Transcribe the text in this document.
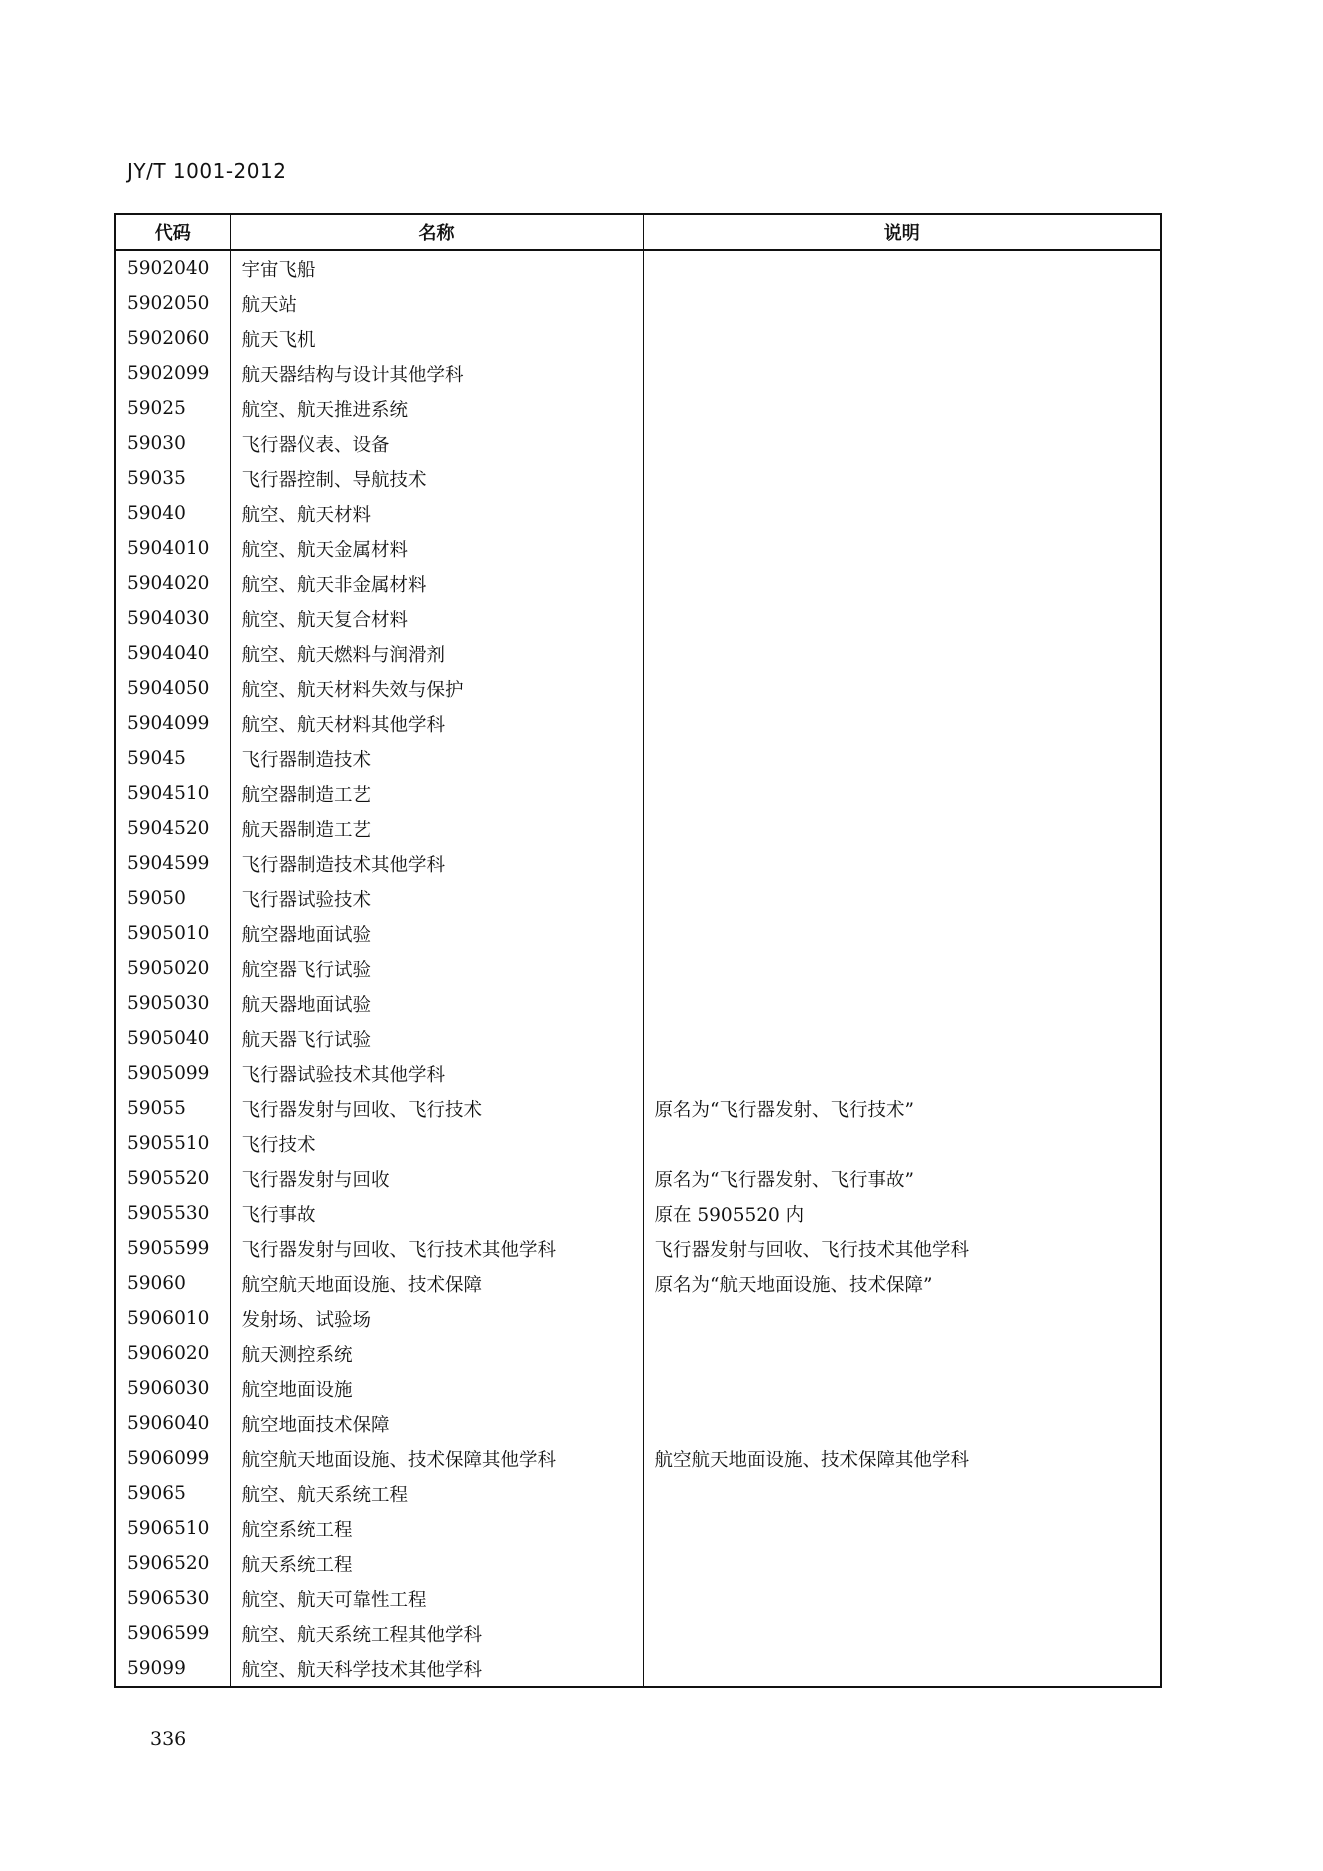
JY/T 1001-2012
代码	名称	说明
5902040	宇宙飞船	
5902050	航天站	
5902060	航天飞机	
5902099	航天器结构与设计其他学科	
59025	航空、航天推进系统	
59030	飞行器仪表、设备	
59035	飞行器控制、导航技术	
59040	航空、航天材料	
5904010	航空、航天金属材料	
5904020	航空、航天非金属材料	
5904030	航空、航天复合材料	
5904040	航空、航天燃料与润滑剂	
5904050	航空、航天材料失效与保护	
5904099	航空、航天材料其他学科	
59045	飞行器制造技术	
5904510	航空器制造工艺	
5904520	航天器制造工艺	
5904599	飞行器制造技术其他学科	
59050	飞行器试验技术	
5905010	航空器地面试验	
5905020	航空器飞行试验	
5905030	航天器地面试验	
5905040	航天器飞行试验	
5905099	飞行器试验技术其他学科	
59055	飞行器发射与回收、飞行技术	原名为“飞行器发射、飞行技术”
5905510	飞行技术	
5905520	飞行器发射与回收	原名为“飞行器发射、飞行事故”
5905530	飞行事故	原在 5905520 内
5905599	飞行器发射与回收、飞行技术其他学科	飞行器发射与回收、飞行技术其他学科
59060	航空航天地面设施、技术保障	原名为“航天地面设施、技术保障”
5906010	发射场、试验场	
5906020	航天测控系统	
5906030	航空地面设施	
5906040	航空地面技术保障	
5906099	航空航天地面设施、技术保障其他学科	航空航天地面设施、技术保障其他学科
59065	航空、航天系统工程	
5906510	航空系统工程	
5906520	航天系统工程	
5906530	航空、航天可靠性工程	
5906599	航空、航天系统工程其他学科	
59099	航空、航天科学技术其他学科	
336
